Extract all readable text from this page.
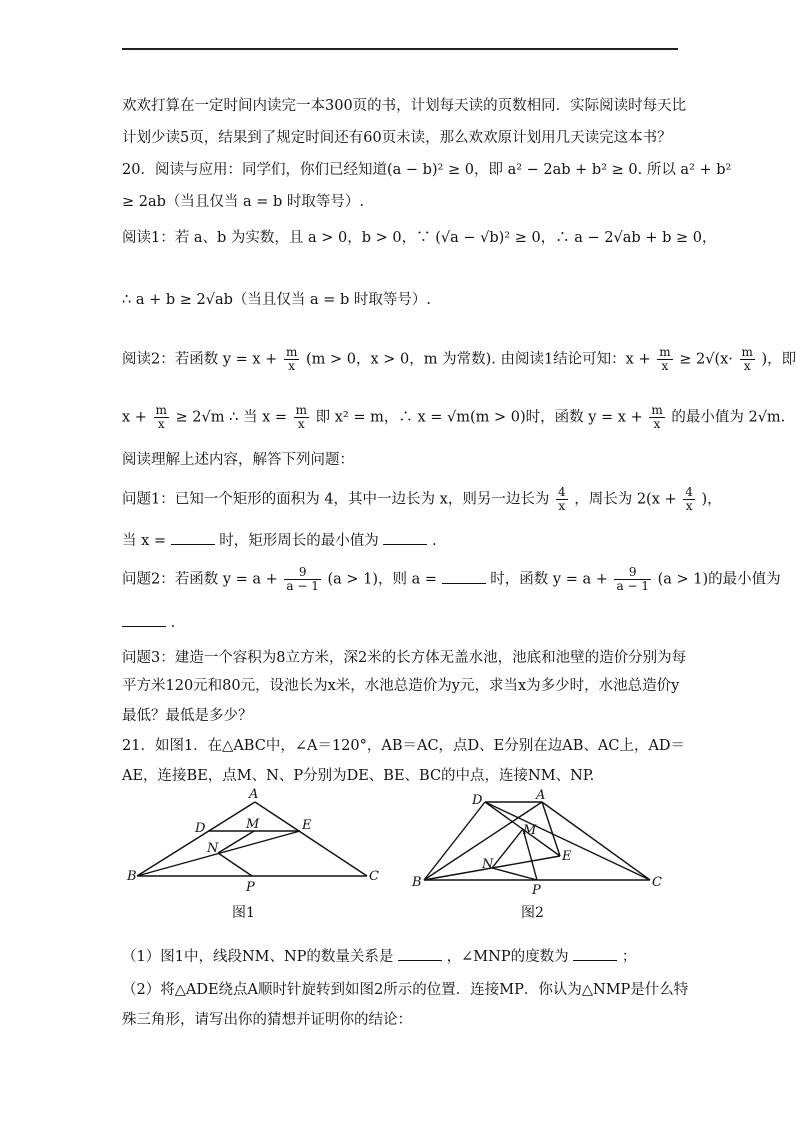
欢欢打算在一定时间内读完一本300页的书，计划每天读的页数相同．实际阅读时每天比
计划少读5页，结果到了规定时间还有60页未读，那么欢欢原计划用几天读完这本书？
20．阅读与应用：同学们，你们已经知道(a − b)² ≥ 0，即 a² − 2ab + b² ≥ 0. 所以 a² + b²
≥ 2ab（当且仅当 a = b 时取等号）.
阅读1：若 a、b 为实数，且 a > 0，b > 0，∵ (√a − √b)² ≥ 0，∴ a − 2√ab + b ≥ 0，
∴ a + b ≥ 2√ab（当且仅当 a = b 时取等号）.
阅读2：若函数 $y = x + \frac{m}{x} (m > 0$，x > 0，m 为常数). 由阅读1结论可知：$x + \frac{m}{x} \ge 2√(x\cdot \frac{m}{x}$ )，即
$x + \frac{m}{x} \ge 2√m$ ∴ 当 $x = \frac{m}{x}$ 即 x² = m，∴ x = √m(m > 0)时，函数 $y = x + \frac{m}{x}$ 的最小值为 2√m.
阅读理解上述内容，解答下列问题：
问题1：已知一个矩形的面积为 4，其中一边长为 x，则另一边长为 $\frac{4}{x}$ ，周长为 $2(x + \frac{4}{x}$ )，
当 x =	时，矩形周长的最小值为	.
问题2：若函数 $y = a + \frac{9}{a - 1} (a > 1)$，则 a =	时，函数 $y = a + \frac{9}{a - 1} (a > 1)$的最小值为
.
问题3：建造一个容积为8立方米，深2米的长方体无盖水池，池底和池壁的造价分别为每
平方米120元和80元，设池长为x米，水池总造价为y元，求当x为多少时，水池总造价y
最低？最低是多少？
21．如图1．在△ABC中，∠A＝120°，AB＝AC，点D、E分别在边AB、AC上，AD＝
AE，连接BE，点M、N、P分别为DE、BE、BC的中点，连接NM、NP.
A
B	C
D	E
M
N
P
图1
A
B	C
D
E
M
N
P
图2
（1）图1中，线段NM、NP的数量关系是	，∠MNP的度数为	；
（2）将△ADE绕点A顺时针旋转到如图2所示的位置．连接MP．你认为△NMP是什么特
殊三角形，请写出你的猜想并证明你的结论：
